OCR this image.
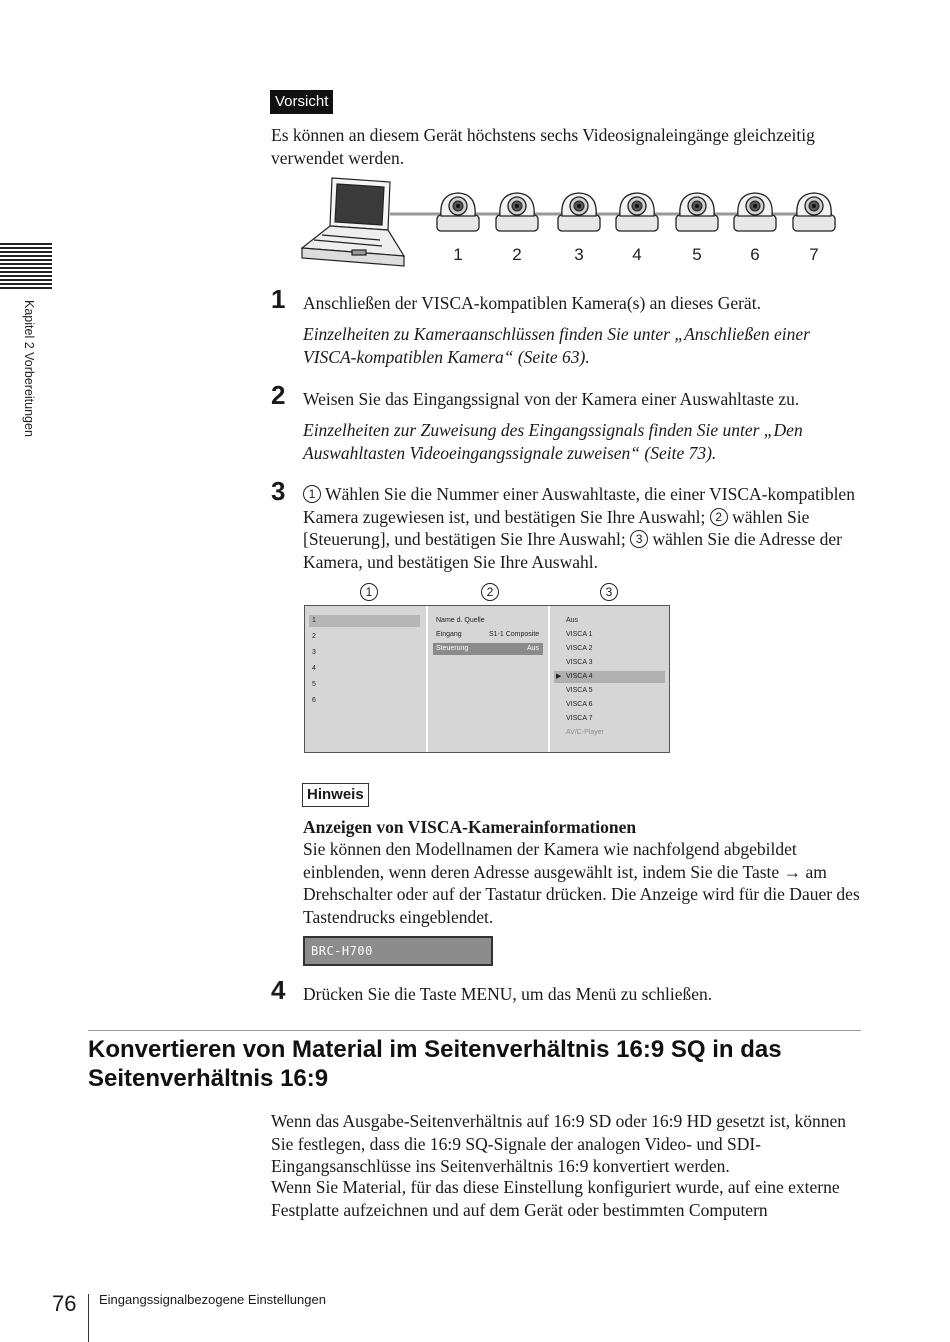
Kapitel 2 Vorbereitungen
Vorsicht
Es können an diesem Gerät höchstens sechs Videosignaleingänge gleichzeitig verwendet werden.
1	2	3	4	5	6	7
1 Anschließen der VISCA-kompatiblen Kamera(s) an dieses Gerät.
Einzelheiten zu Kameraanschlüssen finden Sie unter „Anschließen einer VISCA-kompatiblen Kamera“ (Seite 63).
2 Weisen Sie das Eingangssignal von der Kamera einer Auswahltaste zu.
Einzelheiten zur Zuweisung des Eingangssignals finden Sie unter „Den Auswahltasten Videoeingangssignale zuweisen“ (Seite 73).
3	1 Wählen Sie die Nummer einer Auswahltaste, die einer VISCA-kompatiblen Kamera zugewiesen ist, und bestätigen Sie Ihre Auswahl; 2 wählen Sie [Steuerung], und bestätigen Sie Ihre Auswahl; 3 wählen Sie die Adresse der Kamera, und bestätigen Sie Ihre Auswahl.
1	2	3
1
2
3
4
5
6
Name d. Quelle
Eingang	S1-1 Composite
Steuerung	Aus
▶
Aus
VISCA 1
VISCA 2
VISCA 3
VISCA 4
VISCA 5
VISCA 6
VISCA 7
AV/C-Player
Hinweis
Anzeigen von VISCA-Kamerainformationen
Sie können den Modellnamen der Kamera wie nachfolgend abgebildet einblenden, wenn deren Adresse ausgewählt ist, indem Sie die Taste → am Drehschalter oder auf der Tastatur drücken. Die Anzeige wird für die Dauer des Tastendrucks eingeblendet.
BRC-H700
4 Drücken Sie die Taste MENU, um das Menü zu schließen.
Konvertieren von Material im Seitenverhältnis 16:9 SQ in das Seitenverhältnis 16:9
Wenn das Ausgabe-Seitenverhältnis auf 16:9 SD oder 16:9 HD gesetzt ist, können Sie festlegen, dass die 16:9 SQ-Signale der analogen Video- und SDI-Eingangsanschlüsse ins Seitenverhältnis 16:9 konvertiert werden.
Wenn Sie Material, für das diese Einstellung konfiguriert wurde, auf eine externe Festplatte aufzeichnen und auf dem Gerät oder bestimmten Computern
76 Eingangssignalbezogene Einstellungen
